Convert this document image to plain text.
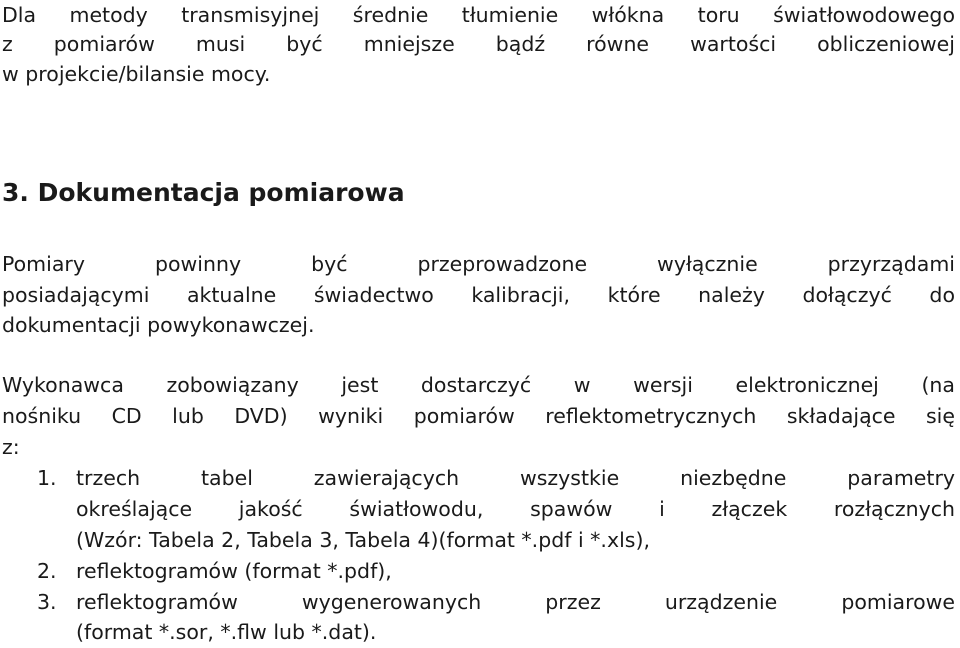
Dla metody transmisyjnej średnie tłumienie włókna toru światłowodowego
z pomiarów musi być mniejsze bądź równe wartości obliczeniowej
w projekcie/bilansie mocy.
3. Dokumentacja pomiarowa
Pomiary powinny być przeprowadzone wyłącznie przyrządami
posiadającymi aktualne świadectwo kalibracji, które należy dołączyć do
dokumentacji powykonawczej.
Wykonawca zobowiązany jest dostarczyć w wersji elektronicznej (na
nośniku CD lub DVD) wyniki pomiarów reflektometrycznych składające się
z:
1. trzech tabel zawierających wszystkie niezbędne parametry
określające jakość światłowodu, spawów i złączek rozłącznych
(Wzór: Tabela 2, Tabela 3, Tabela 4)(format *.pdf i *.xls),
2. reflektogramów (format *.pdf),
3. reflektogramów wygenerowanych przez urządzenie pomiarowe
(format *.sor, *.flw lub *.dat).
